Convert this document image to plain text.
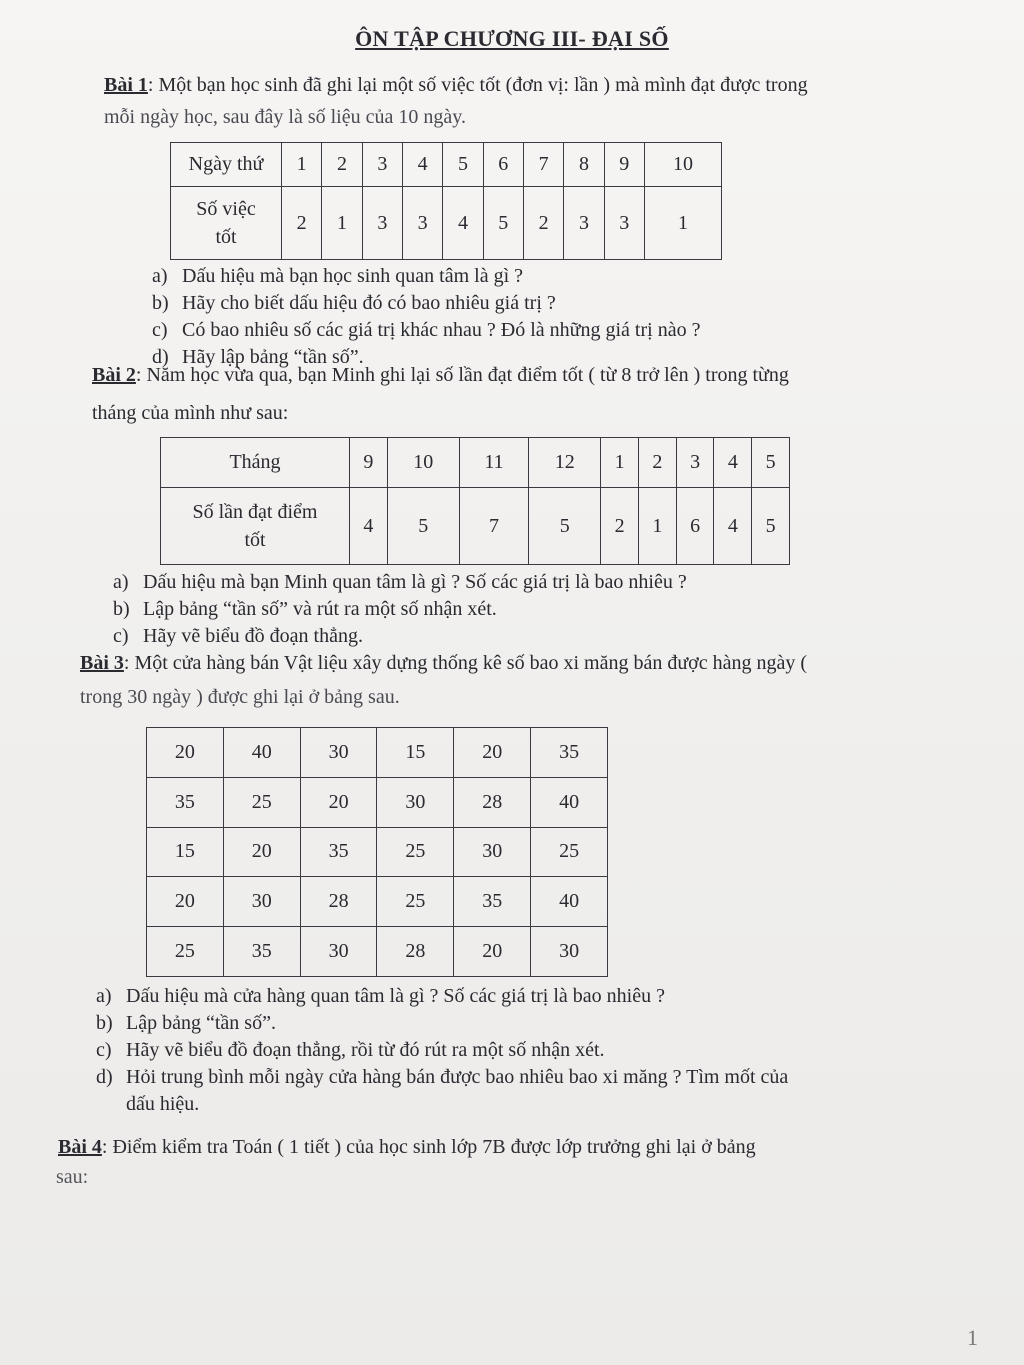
ÔN TẬP CHƯƠNG III- ĐẠI SỐ

Bài 1: Một bạn học sinh đã ghi lại một số việc tốt (đơn vị: lần ) mà mình đạt được trong

mỗi ngày học, sau đây là số liệu của 10 ngày.

Ngày thứ	1	2	3	4	5	6	7	8	9	10

Số việc
tốt	2	1	3	3	4	5	2	3	3	1
a) Dấu hiệu mà bạn học sinh quan tâm là gì ?
b) Hãy cho biết dấu hiệu đó có bao nhiêu giá trị ?
c) Có bao nhiêu số các giá trị khác nhau ? Đó là những giá trị nào ?
d) Hãy lập bảng “tần số”.

Bài 2: Năm học vừa qua, bạn Minh ghi lại số lần đạt điểm tốt ( từ 8 trở lên ) trong từng

tháng của mình như sau:

Tháng	9	10	11	12	1	2	3	4	5

Số lần đạt điểm
tốt	4	5	7	5	2	1	6	4	5
a) Dấu hiệu mà bạn Minh quan tâm là gì ? Số các giá trị là bao nhiêu ?
b) Lập bảng “tần số” và rút ra một số nhận xét.
c) Hãy vẽ biểu đồ đoạn thẳng.

Bài 3: Một cửa hàng bán Vật liệu xây dựng thống kê số bao xi măng bán được hàng ngày (

trong 30 ngày ) được ghi lại ở bảng sau.

20	40	30	15	20	35
35	25	20	30	28	40
15	20	35	25	30	25
20	30	28	25	35	40
25	35	30	28	20	30
a) Dấu hiệu mà cửa hàng quan tâm là gì ? Số các giá trị là bao nhiêu ?
b) Lập bảng “tần số”.
c) Hãy vẽ biểu đồ đoạn thẳng, rồi từ đó rút ra một số nhận xét.
d) Hỏi trung bình mỗi ngày cửa hàng bán được bao nhiêu bao xi măng ? Tìm mốt của
dấu hiệu.

Bài 4: Điểm kiểm tra Toán ( 1 tiết ) của học sinh lớp 7B được lớp trưởng ghi lại ở bảng

sau:

1
